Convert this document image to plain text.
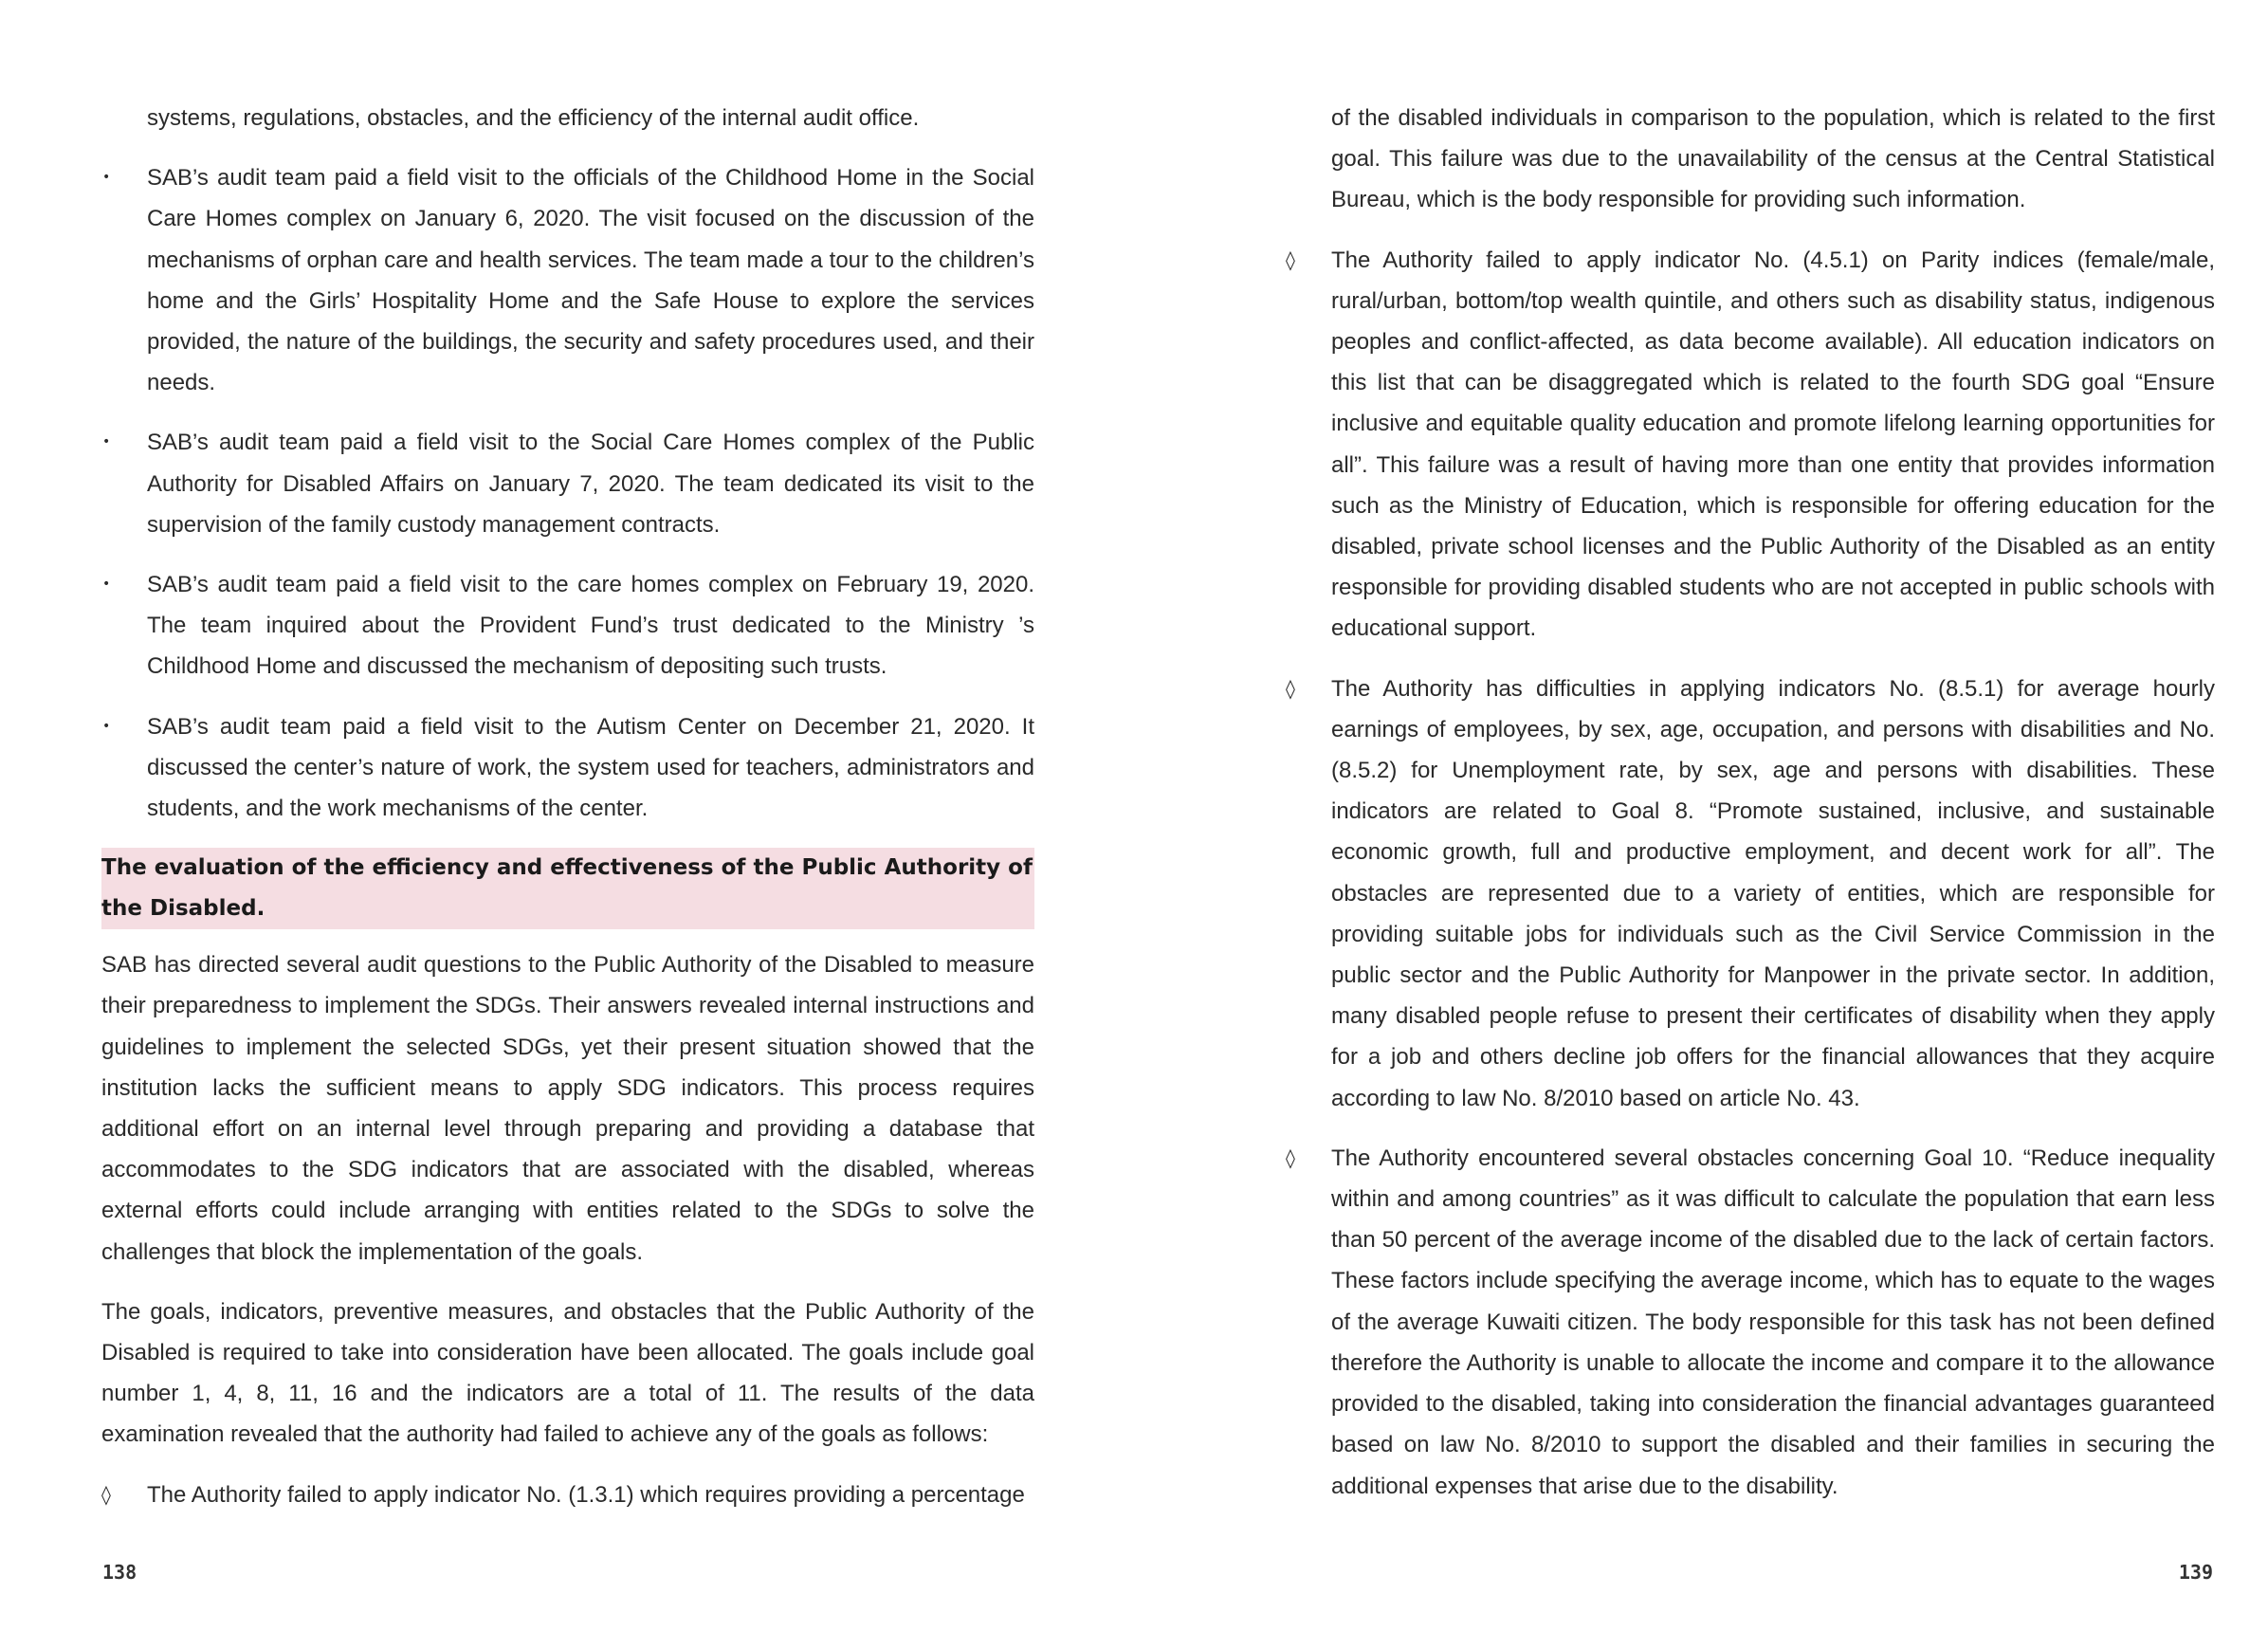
systems, regulations, obstacles, and the efficiency of the internal audit office.

•	SAB’s audit team paid a field visit to the officials of the Childhood Home in the Social Care Homes complex on January 6, 2020. The visit focused on the discussion of the mechanisms of orphan care and health services. The team made a tour to the children’s home and the Girls’ Hospitality Home and the Safe House to explore the services provided, the nature of the buildings, the security and safety procedures used, and their needs.
•	SAB’s audit team paid a field visit to the Social Care Homes complex of the Public Authority for Disabled Affairs on January 7, 2020. The team dedicated its visit to the supervision of the family custody management contracts.
•	SAB’s audit team paid a field visit to the care homes complex on February 19, 2020. The team inquired about the Provident Fund’s trust dedicated to the Ministry ’s Childhood Home and discussed the mechanism of depositing such trusts.
•	SAB’s audit team paid a field visit to the Autism Center on December 21, 2020. It discussed the center’s nature of work, the system used for teachers, administrators and students, and the work mechanisms of the center.
The evaluation of the efficiency and effectiveness of the Public Authority of the Disabled.

SAB has directed several audit questions to the Public Authority of the Disabled to measure their preparedness to implement the SDGs. Their answers revealed internal instructions and guidelines to implement the selected SDGs, yet their present situation showed that the institution lacks the sufficient means to apply SDG indicators. This process requires additional effort on an internal level through preparing and providing a database that accommodates to the SDG indicators that are associated with the disabled, whereas external efforts could include arranging with entities related to the SDGs to solve the challenges that block the implementation of the goals.

The goals, indicators, preventive measures, and obstacles that the Public Authority of the Disabled is required to take into consideration have been allocated. The goals include goal number 1, 4, 8, 11, 16 and the indicators are a total of 11. The results of the data examination revealed that the authority had failed to achieve any of the goals as follows:

◊	The Authority failed to apply indicator No. (1.3.1) which requires providing a percentage
138

of the disabled individuals in comparison to the population, which is related to the first goal. This failure was due to the unavailability of the census at the Central Statistical Bureau, which is the body responsible for providing such information.

◊	The Authority failed to apply indicator No. (4.5.1) on Parity indices (female/male, rural/urban, bottom/top wealth quintile, and others such as disability status, indigenous peoples and conflict-affected, as data become available). All education indicators on this list that can be disaggregated which is related to the fourth SDG goal “Ensure inclusive and equitable quality education and promote lifelong learning opportunities for all”. This failure was a result of having more than one entity that provides information such as the Ministry of Education, which is responsible for offering education for the disabled, private school licenses and the Public Authority of the Disabled as an entity responsible for providing disabled students who are not accepted in public schools with educational support.
◊	The Authority has difficulties in applying indicators No. (8.5.1) for average hourly earnings of employees, by sex, age, occupation, and persons with disabilities and No. (8.5.2) for Unemployment rate, by sex, age and persons with disabilities. These indicators are related to Goal 8. “Promote sustained, inclusive, and sustainable economic growth, full and productive employment, and decent work for all”. The obstacles are represented due to a variety of entities, which are responsible for providing suitable jobs for individuals such as the Civil Service Commission in the public sector and the Public Authority for Manpower in the private sector. In addition, many disabled people refuse to present their certificates of disability when they apply for a job and others decline job offers for the financial allowances that they acquire according to law No. 8/2010 based on article No. 43.
◊	The Authority encountered several obstacles concerning Goal 10. “Reduce inequality within and among countries” as it was difficult to calculate the population that earn less than 50 percent of the average income of the disabled due to the lack of certain factors. These factors include specifying the average income, which has to equate to the wages of the average Kuwaiti citizen. The body responsible for this task has not been defined therefore the Authority is unable to allocate the income and compare it to the allowance provided to the disabled, taking into consideration the financial advantages guaranteed based on law No. 8/2010 to support the disabled and their families in securing the additional expenses that arise due to the disability.
139
